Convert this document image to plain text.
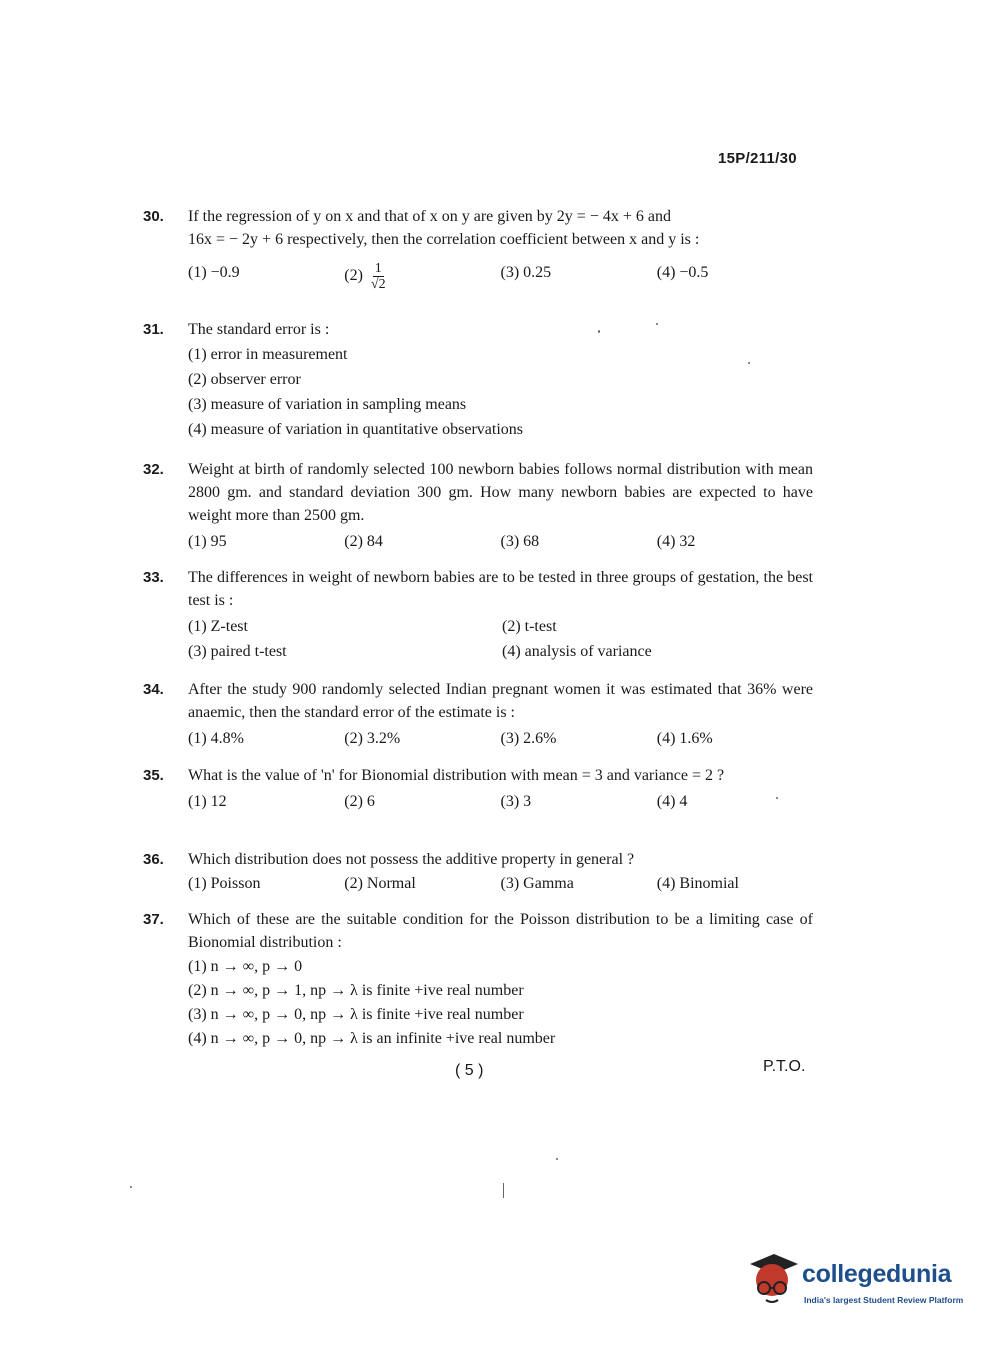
15P/211/30
30. If the regression of y on x and that of x on y are given by 2y = − 4x + 6 and
16x = − 2y + 6 respectively, then the correlation coefficient between x and y is :
(1) −0.9	$(2) \frac{1}{√2}$	(3) 0.25	(4) −0.5
31. The standard error is :
(1) error in measurement
(2) observer error
(3) measure of variation in sampling means
(4) measure of variation in quantitative observations
32. Weight at birth of randomly selected 100 newborn babies follows normal distribution with mean 2800 gm. and standard deviation 300 gm. How many newborn babies are expected to have weight more than 2500 gm.
(1) 95	(2) 84	(3) 68	(4) 32
33. The differences in weight of newborn babies are to be tested in three groups of gestation, the best test is :
(1) Z-test	(2) t-test
(3) paired t-test	(4) analysis of variance
34. After the study 900 randomly selected Indian pregnant women it was estimated that 36% were anaemic, then the standard error of the estimate is :
(1) 4.8%	(2) 3.2%	(3) 2.6%	(4) 1.6%
35. What is the value of 'n' for Bionomial distribution with mean = 3 and variance = 2 ?
(1) 12	(2) 6	(3) 3	(4) 4
36. Which distribution does not possess the additive property in general ?
(1) Poisson	(2) Normal	(3) Gamma	(4) Binomial
37. Which of these are the suitable condition for the Poisson distribution to be a limiting case of Bionomial distribution :
(1) n → ∞, p → 0
(2) n → ∞, p → 1, np → λ is finite +ive real number
(3) n → ∞, p → 0, np → λ is finite +ive real number
(4) n → ∞, p → 0, np → λ is an infinite +ive real number
( 5 )	P.T.O.
collegedunia
India's largest Student Review Platform
